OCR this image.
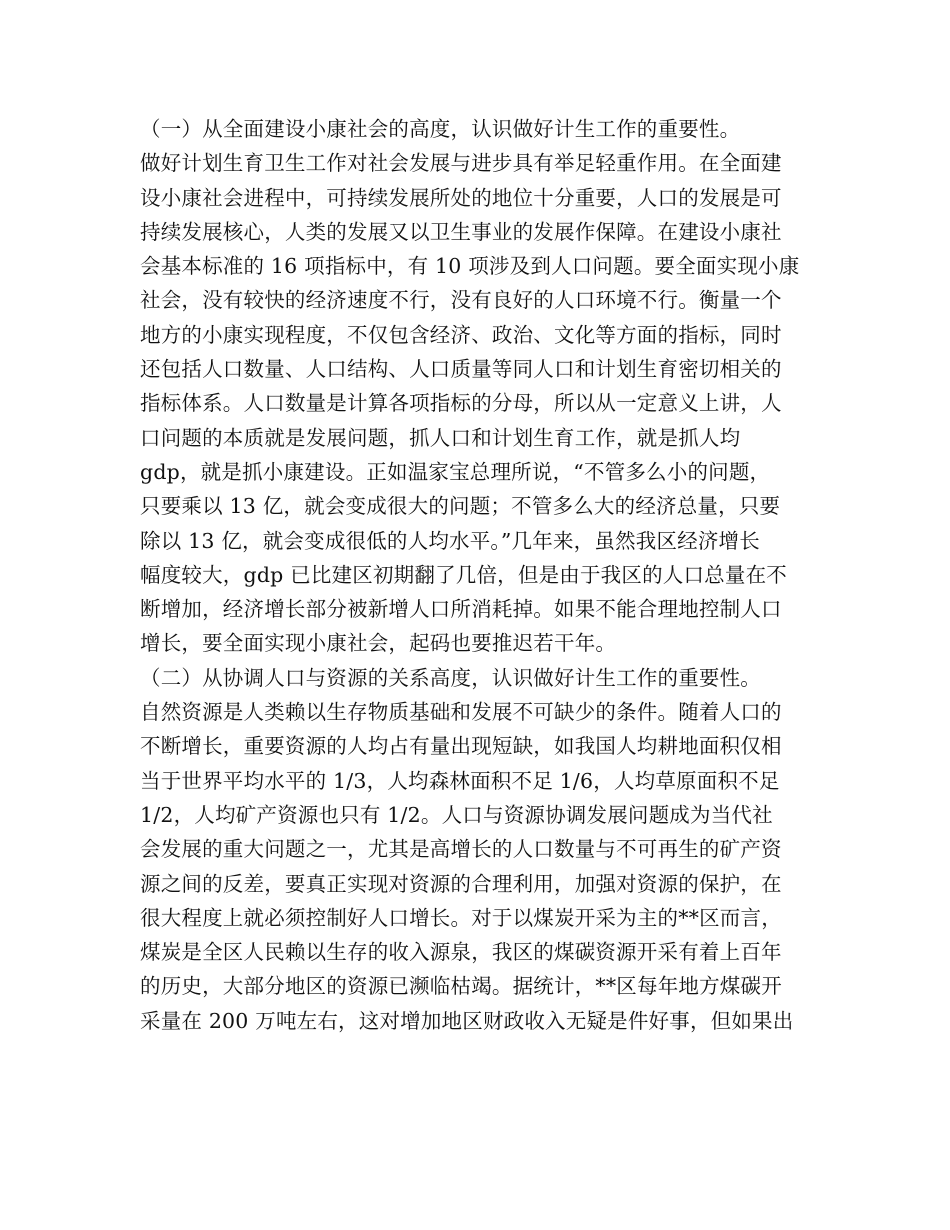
（一）从全面建设小康社会的高度，认识做好计生工作的重要性。
做好计划生育卫生工作对社会发展与进步具有举足轻重作用。在全面建
设小康社会进程中，可持续发展所处的地位十分重要，人口的发展是可
持续发展核心，人类的发展又以卫生事业的发展作保障。在建设小康社
会基本标准的 16 项指标中，有 10 项涉及到人口问题。要全面实现小康
社会，没有较快的经济速度不行，没有良好的人口环境不行。衡量一个
地方的小康实现程度，不仅包含经济、政治、文化等方面的指标，同时
还包括人口数量、人口结构、人口质量等同人口和计划生育密切相关的
指标体系。人口数量是计算各项指标的分母，所以从一定意义上讲，人
口问题的本质就是发展问题，抓人口和计划生育工作，就是抓人均
gdp，就是抓小康建设。正如温家宝总理所说，“不管多么小的问题，
只要乘以 13 亿，就会变成很大的问题；不管多么大的经济总量，只要
除以 13 亿，就会变成很低的人均水平。”几年来，虽然我区经济增长
幅度较大，gdp 已比建区初期翻了几倍，但是由于我区的人口总量在不
断增加，经济增长部分被新增人口所消耗掉。如果不能合理地控制人口
增长，要全面实现小康社会，起码也要推迟若干年。
（二）从协调人口与资源的关系高度，认识做好计生工作的重要性。
自然资源是人类赖以生存物质基础和发展不可缺少的条件。随着人口的
不断增长，重要资源的人均占有量出现短缺，如我国人均耕地面积仅相
当于世界平均水平的 1/3，人均森林面积不足 1/6，人均草原面积不足
1/2，人均矿产资源也只有 1/2。人口与资源协调发展问题成为当代社
会发展的重大问题之一，尤其是高增长的人口数量与不可再生的矿产资
源之间的反差，要真正实现对资源的合理利用，加强对资源的保护，在
很大程度上就必须控制好人口增长。对于以煤炭开采为主的**区而言，
煤炭是全区人民赖以生存的收入源泉，我区的煤碳资源开采有着上百年
的历史，大部分地区的资源已濒临枯竭。据统计，**区每年地方煤碳开
采量在 200 万吨左右，这对增加地区财政收入无疑是件好事，但如果出
